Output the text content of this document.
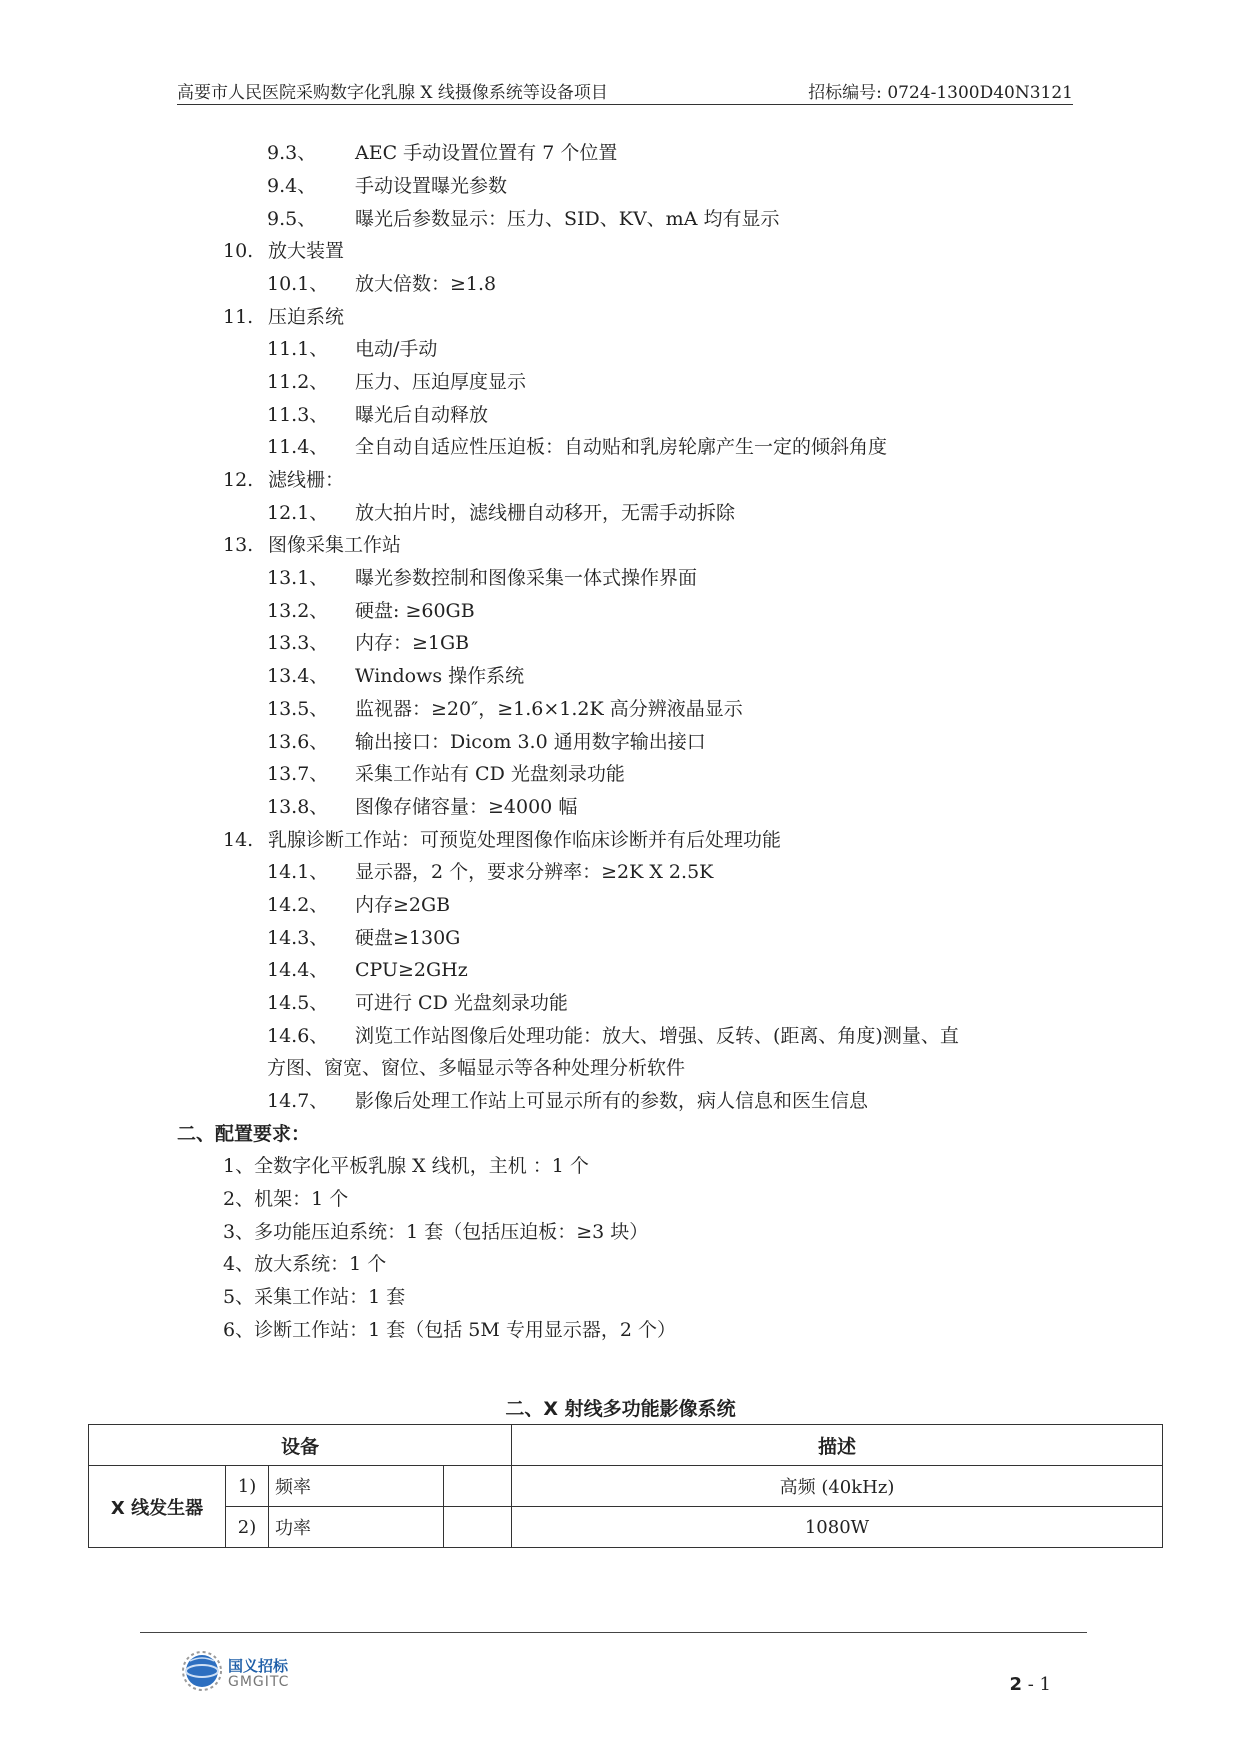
高要市人民医院采购数字化乳腺 X 线摄像系统等设备项目	招标编号: 0724-1300D40N3121
9.3、 AEC 手动设置位置有 7 个位置
9.4、 手动设置曝光参数
9.5、 曝光后参数显示：压力、SID、KV、mA 均有显示
10. 放大装置
10.1、 放大倍数：≥1.8
11. 压迫系统
11.1、 电动/手动
11.2、 压力、压迫厚度显示
11.3、 曝光后自动释放
11.4、 全自动自适应性压迫板：自动贴和乳房轮廓产生一定的倾斜角度
12. 滤线栅：
12.1、 放大拍片时，滤线栅自动移开，无需手动拆除
13. 图像采集工作站
13.1、 曝光参数控制和图像采集一体式操作界面
13.2、 硬盘: ≥60GB
13.3、 内存：≥1GB
13.4、 Windows 操作系统
13.5、 监视器：≥20″，≥1.6×1.2K 高分辨液晶显示
13.6、 输出接口：Dicom 3.0 通用数字输出接口
13.7、 采集工作站有 CD 光盘刻录功能
13.8、 图像存储容量：≥4000 幅
14. 乳腺诊断工作站：可预览处理图像作临床诊断并有后处理功能
14.1、 显示器，2 个，要求分辨率：≥2K X 2.5K
14.2、 内存≥2GB
14.3、 硬盘≥130G
14.4、 CPU≥2GHz
14.5、 可进行 CD 光盘刻录功能
14.6、 浏览工作站图像后处理功能：放大、增强、反转、(距离、角度)测量、直
方图、窗宽、窗位、多幅显示等各种处理分析软件
14.7、 影像后处理工作站上可显示所有的参数，病人信息和医生信息
二、配置要求：
1、全数字化平板乳腺 X 线机，主机 ：1 个
2、机架：1 个
3、多功能压迫系统：1 套（包括压迫板：≥3 块）
4、放大系统：1 个
5、采集工作站：1 套
6、诊断工作站：1 套（包括 5M 专用显示器，2 个）
二、X 射线多功能影像系统
设备				描述
X 线发生器	1)	频率		高频 (40kHz)
	2)	功率		1080W
国义招标
GMGITC	2 - 1
